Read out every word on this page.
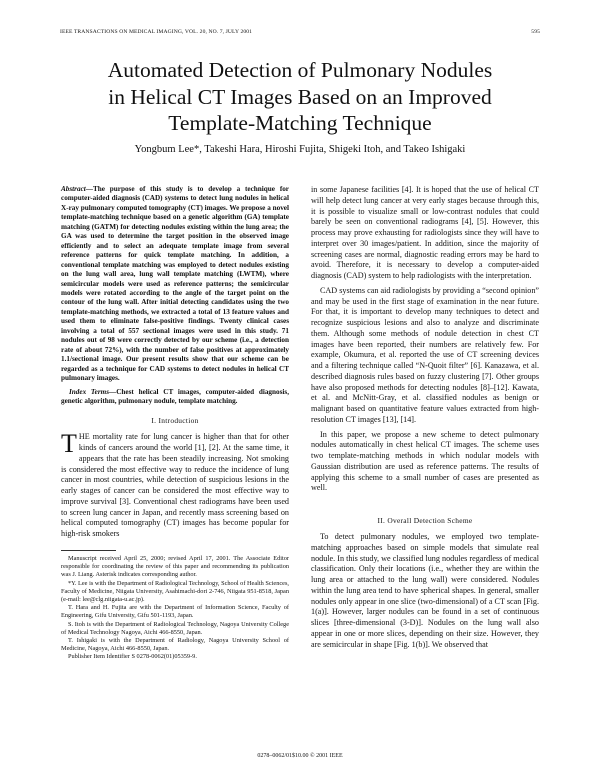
IEEE TRANSACTIONS ON MEDICAL IMAGING, VOL. 20, NO. 7, JULY 2001	595
Automated Detection of Pulmonary Nodules
in Helical CT Images Based on an Improved
Template-Matching Technique
Yongbum Lee*, Takeshi Hara, Hiroshi Fujita, Shigeki Itoh, and Takeo Ishigaki

Abstract—The purpose of this study is to develop a technique for computer-aided diagnosis (CAD) systems to detect lung nodules in helical X-ray pulmonary computed tomography (CT) images. We propose a novel template-matching technique based on a genetic algorithm (GA) template matching (GATM) for detecting nodules existing within the lung area; the GA was used to determine the target position in the observed image efficiently and to select an adequate template image from several reference patterns for quick template matching. In addition, a conventional template matching was employed to detect nodules existing on the lung wall area, lung wall template matching (LWTM), where semicircular models were used as reference patterns; the semicircular models were rotated according to the angle of the target point on the contour of the lung wall. After initial detecting candidates using the two template-matching methods, we extracted a total of 13 feature values and used them to eliminate false-positive findings. Twenty clinical cases involving a total of 557 sectional images were used in this study. 71 nodules out of 98 were correctly detected by our scheme (i.e., a detection rate of about 72%), with the number of false positives at approximately 1.1/sectional image. Our present results show that our scheme can be regarded as a technique for CAD systems to detect nodules in helical CT pulmonary images.

Index Terms—Chest helical CT images, computer-aided diagnosis, genetic algorithm, pulmonary nodule, template matching.

I. Introduction

THE mortality rate for lung cancer is higher than that for other kinds of cancers around the world [1], [2]. At the same time, it appears that the rate has been steadily increasing. Not smoking is considered the most effective way to reduce the incidence of lung cancer in most countries, while detection of suspicious lesions in the early stages of cancer can be considered the most effective way to improve survival [3]. Conventional chest radiograms have been used to screen lung cancer in Japan, and recently mass screening based on helical computed tomography (CT) images has become popular for high-risk smokers

Manuscript received April 25, 2000; revised April 17, 2001. The Associate Editor responsible for coordinating the review of this paper and recommending its publication was J. Liang. Asterisk indicates corresponding author.

*Y. Lee is with the Department of Radiological Technology, School of Health Sciences, Faculty of Medicine, Niigata University, Asahimachi-dori 2-746, Niigata 951-8518, Japan (e-mail: lee@clg.niigata-u.ac.jp).

T. Hara and H. Fujita are with the Department of Information Science, Faculty of Engineering, Gifu University, Gifu 501-1193, Japan.

S. Itoh is with the Department of Radiological Technology, Nagoya University College of Medical Technology Nagoya, Aichi 466-8550, Japan.

T. Ishigaki is with the Department of Radiology, Nagoya University School of Medicine, Nagoya, Aichi 466-8550, Japan.

Publisher Item Identifier S 0278-0062(01)05359-9.

in some Japanese facilities [4]. It is hoped that the use of helical CT will help detect lung cancer at very early stages because through this, it is possible to visualize small or low-contrast nodules that could barely be seen on conventional radiograms [4], [5]. However, this process may prove exhausting for radiologists since they will have to interpret over 30 images/patient. In addition, since the majority of screening cases are normal, diagnostic reading errors may be hard to avoid. Therefore, it is necessary to develop a computer-aided diagnosis (CAD) system to help radiologists with the interpretation.

CAD systems can aid radiologists by providing a “second opinion” and may be used in the first stage of examination in the near future. For that, it is important to develop many techniques to detect and recognize suspicious lesions and also to analyze and discriminate them. Although some methods of nodule detection in chest CT images have been reported, their numbers are relatively few. For example, Okumura, et al. reported the use of CT screening devices and a filtering technique called “N-Quoit filter” [6]. Kanazawa, et al. described diagnosis rules based on fuzzy clustering [7]. Other groups have also proposed methods for detecting nodules [8]–[12]. Kawata, et al. and McNitt-Gray, et al. classified nodules as benign or malignant based on quantitative feature values extracted from high-resolution CT images [13], [14].

In this paper, we propose a new scheme to detect pulmonary nodules automatically in chest helical CT images. The scheme uses two template-matching methods in which nodular models with Gaussian distribution are used as reference patterns. The results of applying this scheme to a small number of cases are presented as well.

II. Overall Detection Scheme

To detect pulmonary nodules, we employed two template-matching approaches based on simple models that simulate real nodule. In this study, we classified lung nodules regardless of medical classification. Only their locations (i.e., whether they are within the lung area or attached to the lung wall) were considered. Nodules within the lung area tend to have spherical shapes. In general, smaller nodules only appear in one slice (two-dimensional) of a CT scan [Fig. 1(a)]. However, larger nodules can be found in a set of continuous slices [three-dimensional (3-D)]. Nodules on the lung wall also appear in one or more slices, depending on their size. However, they are semicircular in shape [Fig. 1(b)]. We observed that

0278–0062/01$10.00 © 2001 IEEE
